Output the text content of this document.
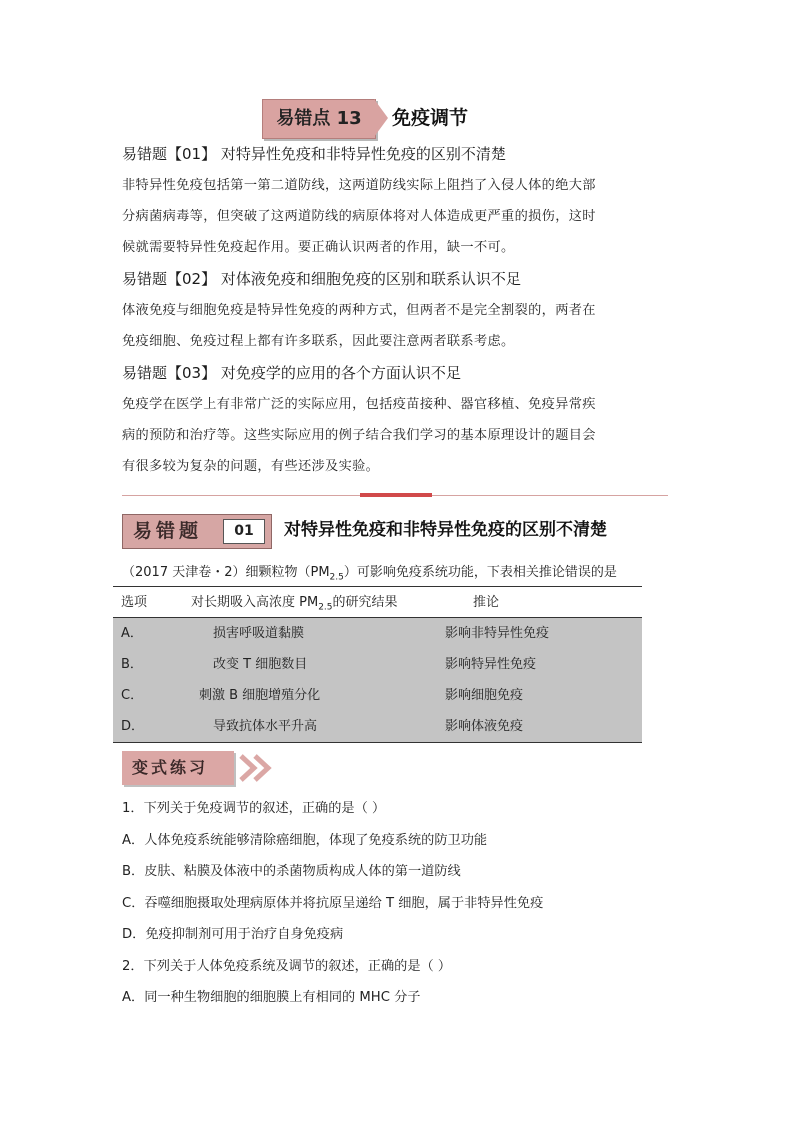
易错点 13	免疫调节
易错题【01】 对特异性免疫和非特异性免疫的区别不清楚
非特异性免疫包括第一第二道防线，这两道防线实际上阻挡了入侵人体的绝大部
分病菌病毒等，但突破了这两道防线的病原体将对人体造成更严重的损伤，这时
候就需要特异性免疫起作用。要正确认识两者的作用，缺一不可。
易错题【02】 对体液免疫和细胞免疫的区别和联系认识不足
体液免疫与细胞免疫是特异性免疫的两种方式，但两者不是完全割裂的，两者在
免疫细胞、免疫过程上都有许多联系，因此要注意两者联系考虑。
易错题【03】 对免疫学的应用的各个方面认识不足
免疫学在医学上有非常广泛的实际应用，包括疫苗接种、器官移植、免疫异常疾
病的预防和治疗等。这些实际应用的例子结合我们学习的基本原理设计的题目会
有很多较为复杂的问题，有些还涉及实验。
易错题	01	对特异性免疫和非特异性免疫的区别不清楚
（2017 天津卷・2）细颗粒物$(PM_{2.5})$可影响免疫系统功能，下表相关推论错误的是
选项	对长期吸入高浓度 $PM_{2.5}$的研究结果	推论
A．	损害呼吸道黏膜	影响非特异性免疫
B．	改变 T 细胞数目	影响特异性免疫
C．	刺激 B 细胞增殖分化	影响细胞免疫
D．	导致抗体水平升高	影响体液免疫
变式练习
1．下列关于免疫调节的叙述，正确的是（ ）
A．人体免疫系统能够清除癌细胞，体现了免疫系统的防卫功能
B．皮肤、粘膜及体液中的杀菌物质构成人体的第一道防线
C．吞噬细胞摄取处理病原体并将抗原呈递给 T 细胞，属于非特异性免疫
D．免疫抑制剂可用于治疗自身免疫病
2．下列关于人体免疫系统及调节的叙述，正确的是（ ）
A．同一种生物细胞的细胞膜上有相同的 MHC 分子
